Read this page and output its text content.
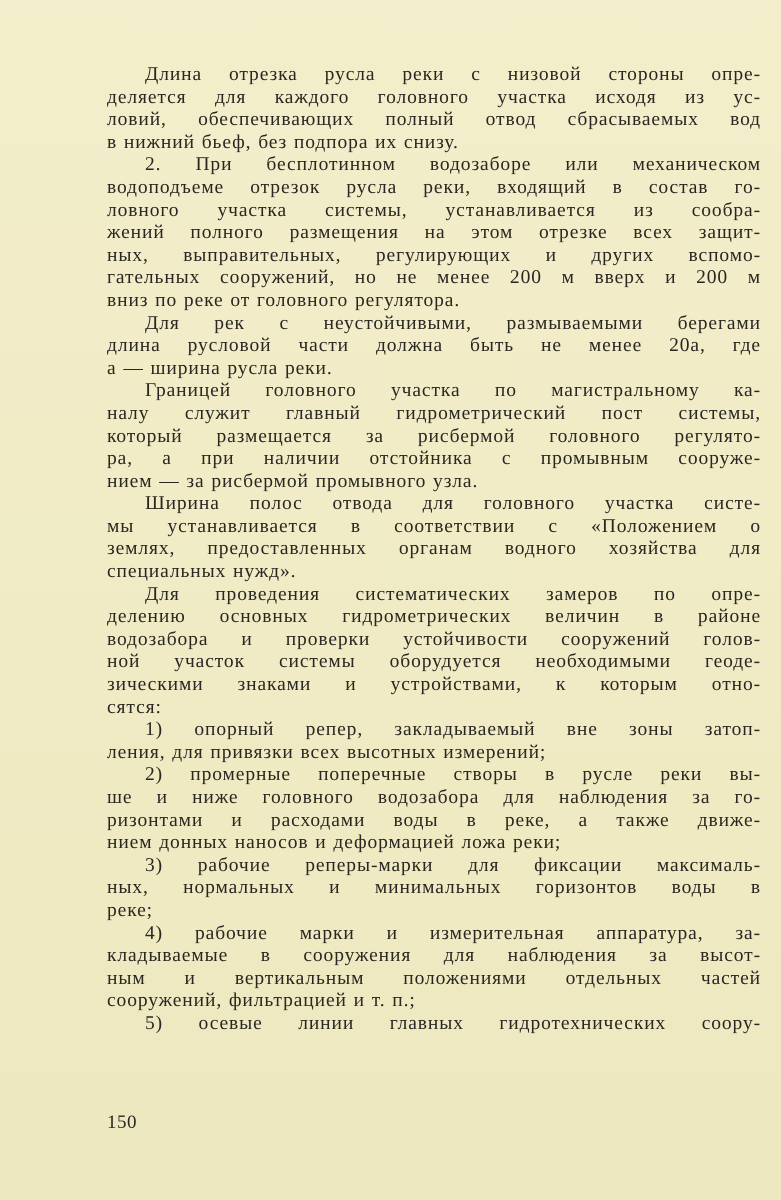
Длина отрезка русла реки с низовой стороны опре-
деляется для каждого головного участка исходя из ус-
ловий, обеспечивающих полный отвод сбрасываемых вод
в нижний бьеф, без подпора их снизу.
2. При бесплотинном водозаборе или механическом
водоподъеме отрезок русла реки, входящий в состав го-
ловного участка системы, устанавливается из сообра-
жений полного размещения на этом отрезке всех защит-
ных, выправительных, регулирующих и других вспомо-
гательных сооружений, но не менее 200 м вверх и 200 м
вниз по реке от головного регулятора.
Для рек с неустойчивыми, размываемыми берегами
длина русловой части должна быть не менее 20а, где
а — ширина русла реки.
Границей головного участка по магистральному ка-
налу служит главный гидрометрический пост системы,
который размещается за рисбермой головного регулято-
ра, а при наличии отстойника с промывным сооруже-
нием — за рисбермой промывного узла.
Ширина полос отвода для головного участка систе-
мы устанавливается в соответствии с «Положением о
землях, предоставленных органам водного хозяйства для
специальных нужд».
Для проведения систематических замеров по опре-
делению основных гидрометрических величин в районе
водозабора и проверки устойчивости сооружений голов-
ной участок системы оборудуется необходимыми геоде-
зическими знаками и устройствами, к которым отно-
сятся:
1) опорный репер, закладываемый вне зоны затоп-
ления, для привязки всех высотных измерений;
2) промерные поперечные створы в русле реки вы-
ше и ниже головного водозабора для наблюдения за го-
ризонтами и расходами воды в реке, а также движе-
нием донных наносов и деформацией ложа реки;
3) рабочие реперы-марки для фиксации максималь-
ных, нормальных и минимальных горизонтов воды в
реке;
4) рабочие марки и измерительная аппаратура, за-
кладываемые в сооружения для наблюдения за высот-
ным и вертикальным положениями отдельных частей
сооружений, фильтрацией и т. п.;
5) осевые линии главных гидротехнических соору-
150
